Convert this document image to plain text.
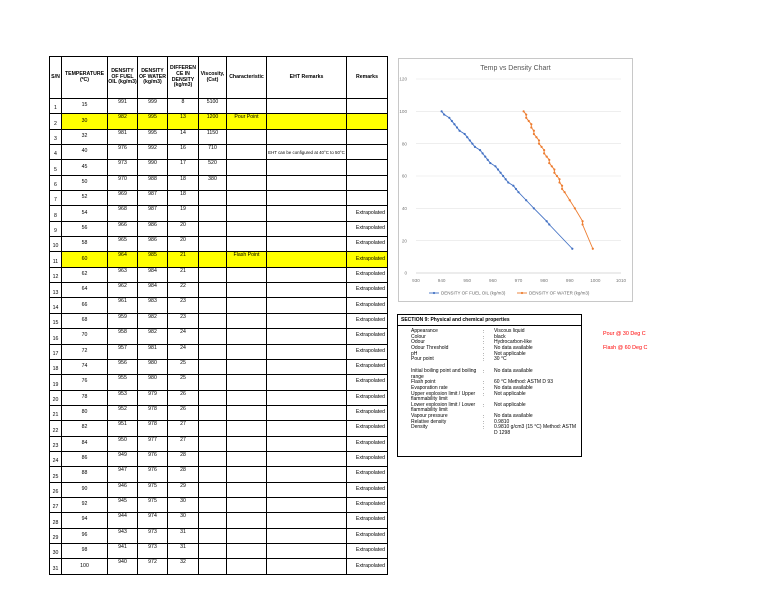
S/N	TEMPERATURE (ºC)	DENSITY OF FUEL OIL (kg/m3)	DENSITY OF WATER (kg/m3)	DIFFEREN CE IN DENSITY (kg/m3)	Viscosity, (Cst)	Characteristic	EHT Remarks	Remarks
1	15	991	999	8	5100			
2	30	982	995	13	1200	Pour Point		
3	32	981	995	14	1150			
4	40	976	992	16	710		EHT can be configured at 40°C to 50°C	
5	45	973	990	17	520			
6	50	970	988	18	380			
7	52	969	987	18				
8	54	968	987	19				Extrapolated
9	56	966	986	20				Extrapolated
10	58	965	986	20				Extrapolated
11	60	964	985	21		Flash Point		Extrapolated
12	62	963	984	21				Extrapolated
13	64	962	984	22				Extrapolated
14	66	961	983	23				Extrapolated
15	68	959	982	23				Extrapolated
16	70	958	982	24				Extrapolated
17	72	957	981	24				Extrapolated
18	74	956	980	25				Extrapolated
19	76	955	980	25				Extrapolated
20	78	953	979	26				Extrapolated
21	80	952	978	26				Extrapolated
22	82	951	978	27				Extrapolated
23	84	950	977	27				Extrapolated
24	86	949	976	28				Extrapolated
25	88	947	976	28				Extrapolated
26	90	946	975	29				Extrapolated
27	92	945	975	30				Extrapolated
28	94	944	974	30				Extrapolated
29	96	943	973	31				Extrapolated
30	98	941	973	31				Extrapolated
31	100	940	972	32				Extrapolated
0
20
40
60
80
100
120
930	940	950	960	970	980	990	1000	1010
DENSITY OF FUEL OIL (kg/m3)	DENSITY OF WATER (kg/m3)
Temp vs Density Chart
SECTION 9: Physical and chemical properties
Appearance	: Viscous liquid
Colour	: black
Odour	: Hydrocarbon-like
Odour Threshold	: No data available
pH	: Not applicable
Pour point	: 30 °C
Initial boiling point and boiling range
: No data available
Flash point	: 60 °C Method: ASTM D 93
Evaporation rate	: No data available
Upper explosion limit / Upper flammability limit
: Not applicable
Lower explosion limit / Lower flammability limit
: Not applicable
Vapour pressure	: No data available
Relative density	: 0.9810
Density	: 0.9810 g/cm3 (15 °C) Method: ASTM D 1298
Pour @ 30 Deg C
Flash @ 60 Deg C
